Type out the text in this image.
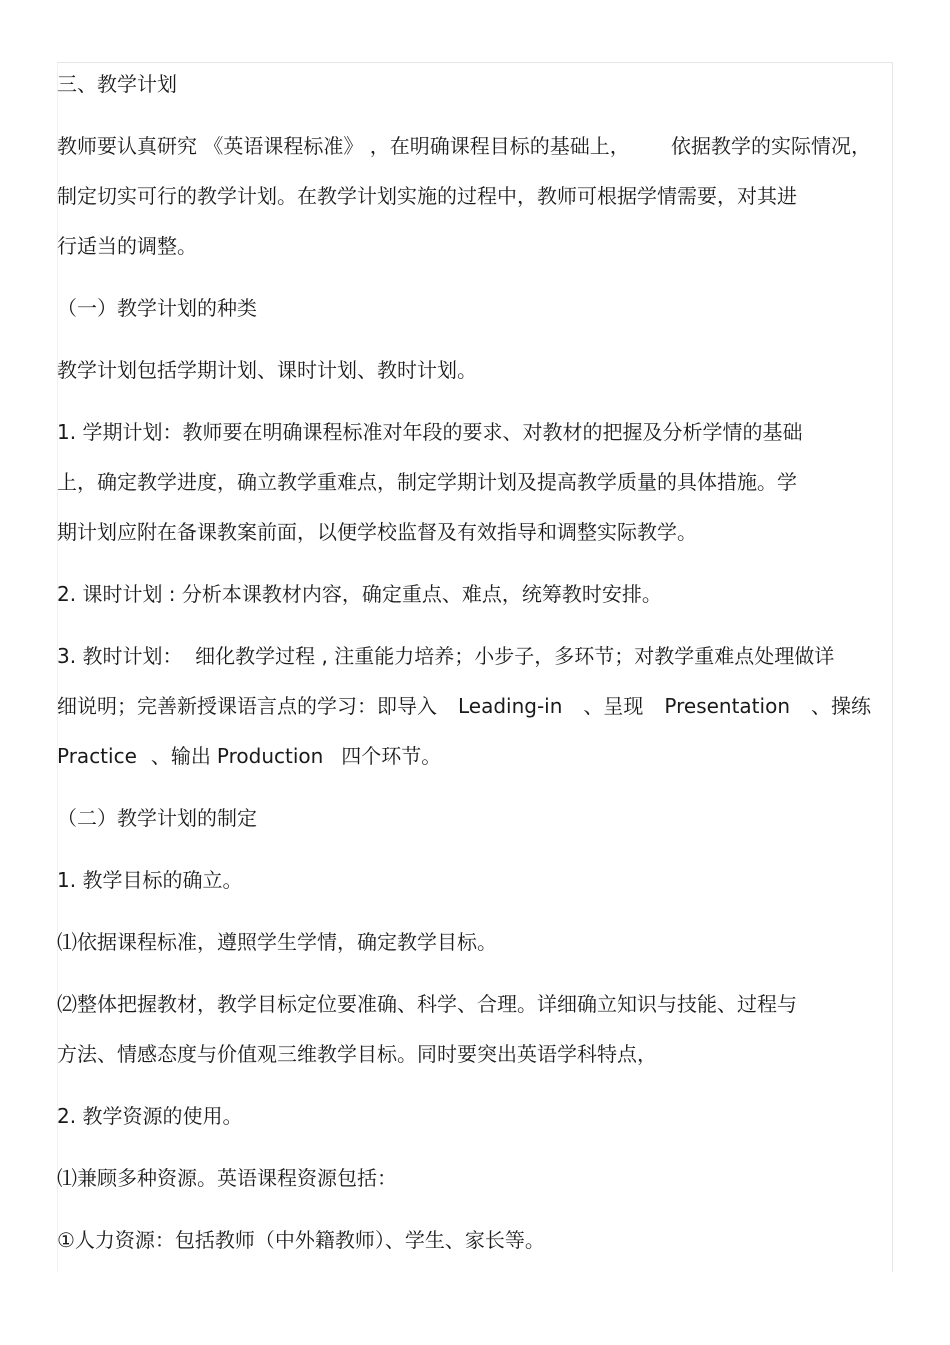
三、教学计划
教师要认真研究 《英语课程标准》 ，在明确课程目标的基础上， 依据教学的实际情况，
制定切实可行的教学计划。在教学计划实施的过程中，教师可根据学情需要，对其进
行适当的调整。
（一）教学计划的种类
教学计划包括学期计划、课时计划、教时计划。
1. 学期计划：教师要在明确课程标准对年段的要求、对教材的把握及分析学情的基础
上，确定教学进度，确立教学重难点，制定学期计划及提高教学质量的具体措施。学
期计划应附在备课教案前面，以便学校监督及有效指导和调整实际教学。
2. 课时计划 : 分析本课教材内容，确定重点、难点，统筹教时安排。
3. 教时计划：  细化教学过程 , 注重能力培养；小步子，多环节；对教学重难点处理做详
细说明；完善新授课语言点的学习：即导入 Leading-in 、呈现 Presentation 、操练
Practice 、输出 Production 四个环节。
（二）教学计划的制定
1. 教学目标的确立。
⑴依据课程标准，遵照学生学情，确定教学目标。
⑵整体把握教材，教学目标定位要准确、科学、合理。详细确立知识与技能、过程与
方法、情感态度与价值观三维教学目标。同时要突出英语学科特点，
2. 教学资源的使用。
⑴兼顾多种资源。英语课程资源包括：
①人力资源：包括教师（中外籍教师）、学生、家长等。
